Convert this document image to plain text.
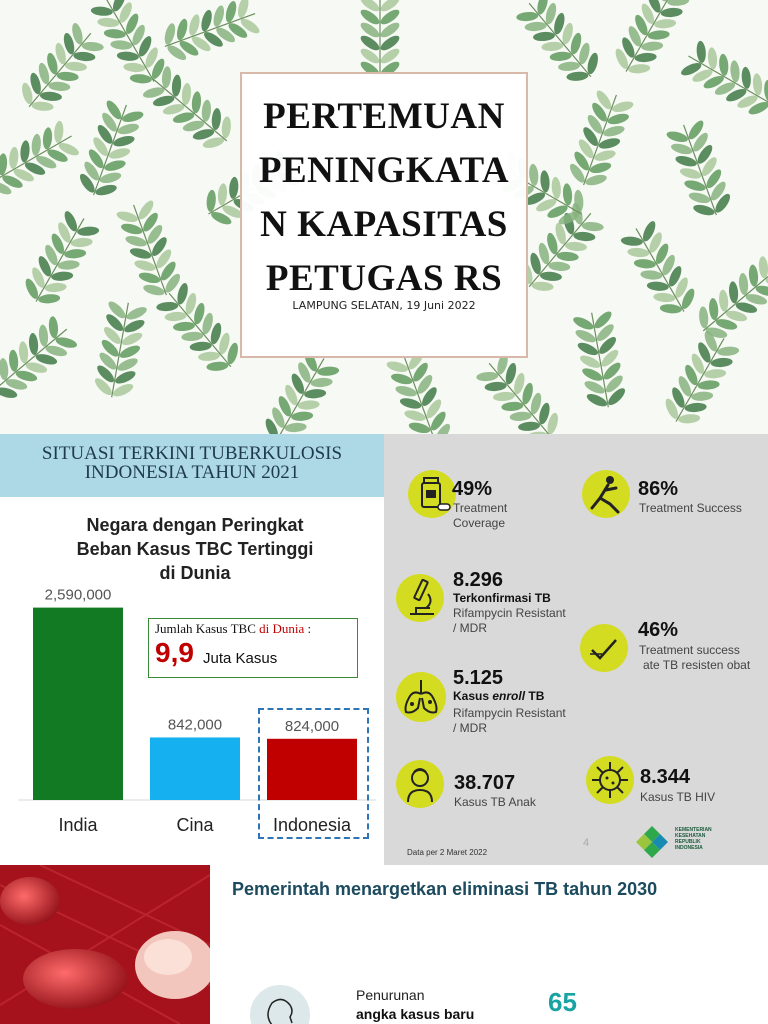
PERTEMUAN
PENINGKATA
N KAPASITAS
PETUGAS RS
LAMPUNG SELATAN, 19 Juni 2022
SITUASI TERKINI TUBERKULOSIS
INDONESIA TAHUN 2021
Negara dengan Peringkat
Beban Kasus TBC Tertinggi
di Dunia
2,590,000
India
842,000
Cina
824,000
Indonesia
Jumlah Kasus TBC di Dunia :
9,9 Juta Kasus
49%
Treatment
Coverage
86%
Treatment Success
8.296
Terkonfirmasi TB
Rifampycin Resistant
/ MDR	46%
Treatment success
ate TB resisten obat
5.125
Kasus enroll TB
Rifampycin Resistant
/ MDR
38.707
Kasus TB Anak
8.344
Kasus TB HIV
Data per 2 Maret 2022
4
KEMENTERIAN
KESEHATAN
REPUBLIK
INDONESIA
Pemerintah menargetkan eliminasi TB tahun 2030
Penurunan
angka kasus baru	65
